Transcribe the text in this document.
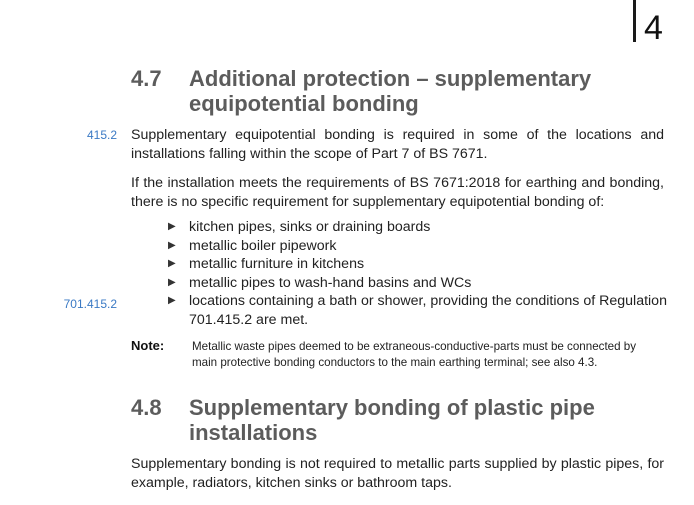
4
4.7	Additional protection – supplementary equipotential bonding
415.2 Supplementary equipotential bonding is required in some of the locations and installations falling within the scope of Part 7 of BS 7671.
If the installation meets the requirements of BS 7671:2018 for earthing and bonding, there is no specific requirement for supplementary equipotential bonding of:
▶ kitchen pipes, sinks or draining boards
▶ metallic boiler pipework
▶ metallic furniture in kitchens
▶ metallic pipes to wash-hand basins and WCs
▶ locations containing a bath or shower, providing the conditions of Regulation 701.415.2 are met.
701.415.2
Note: Metallic waste pipes deemed to be extraneous-conductive-parts must be connected by main protective bonding conductors to the main earthing terminal; see also 4.3.
4.8	Supplementary bonding of plastic pipe installations
Supplementary bonding is not required to metallic parts supplied by plastic pipes, for example, radiators, kitchen sinks or bathroom taps.
